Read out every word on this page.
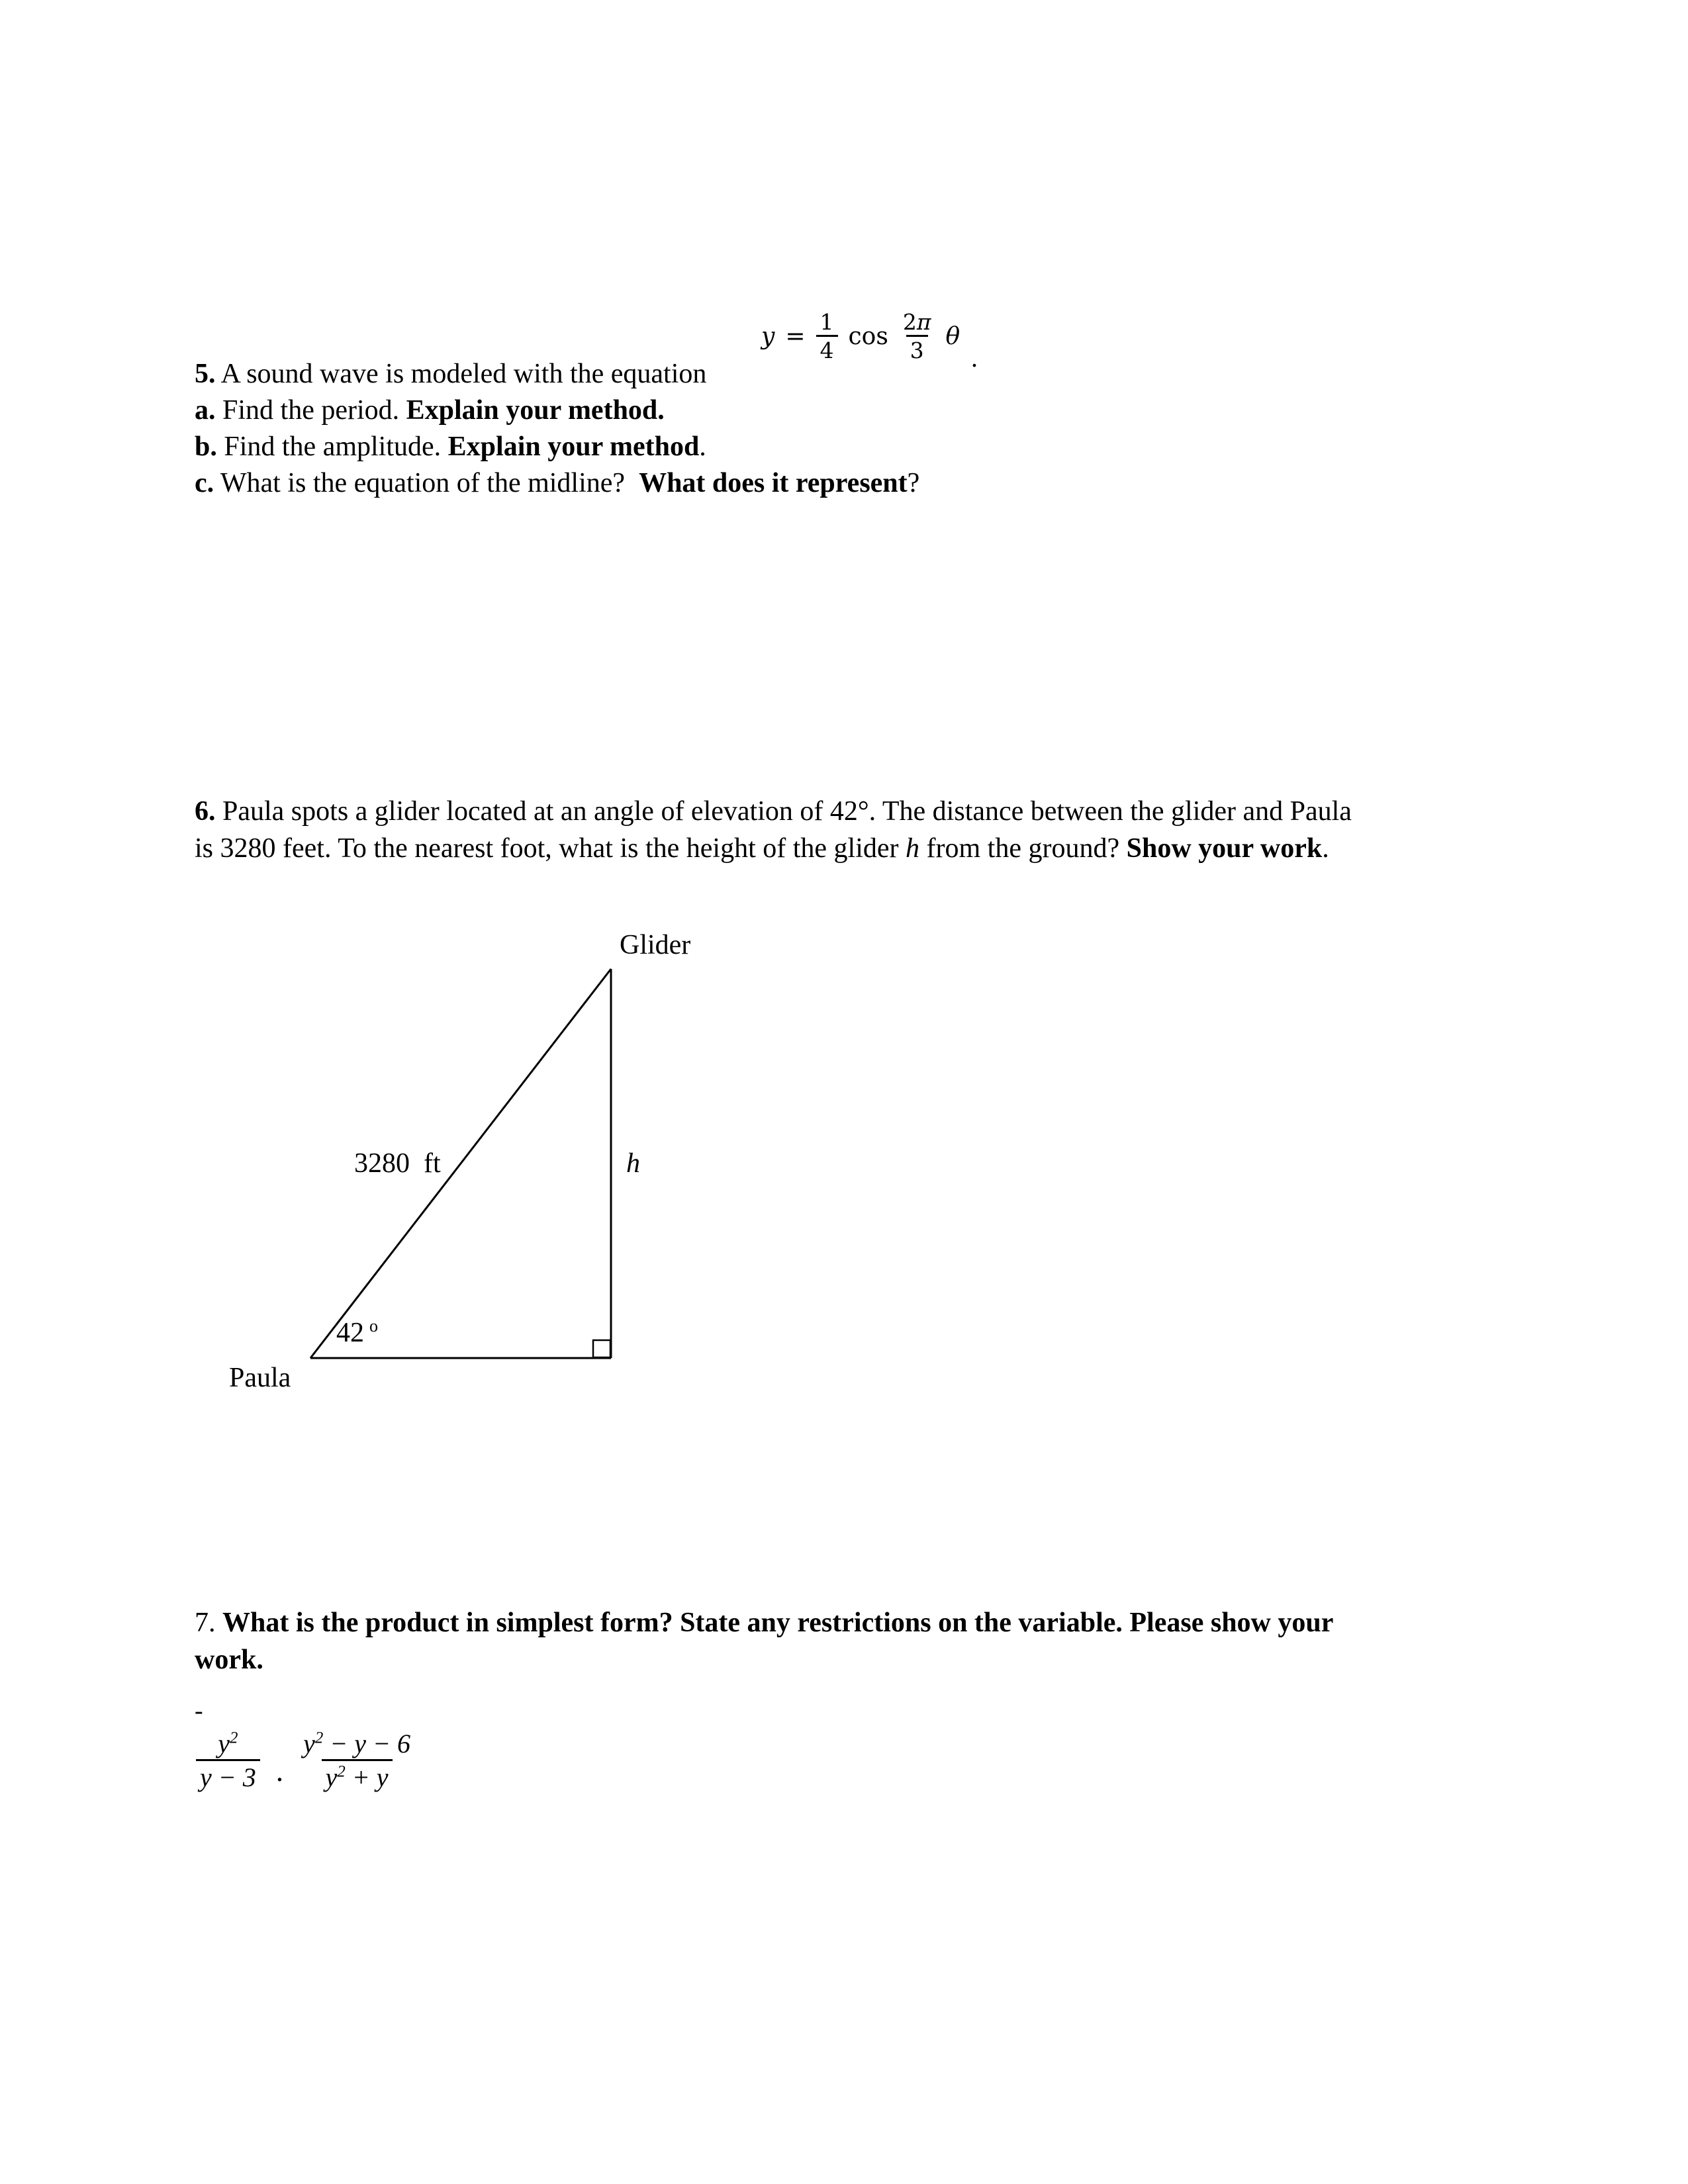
$y = \frac{1}{4}$ $\cos \frac{2\pi}{3}$ θ
.
5. A sound wave is modeled with the equation
a. Find the period. Explain your method.
b. Find the amplitude. Explain your method.
c. What is the equation of the midline?  What does it represent?
6. Paula spots a glider located at an angle of elevation of 42°. The distance between the glider and Paula
is 3280 feet. To the nearest foot, what is the height of the glider h from the ground? Show your work.
Glider
3280  ft	h
42 $^o$
Paula
7. What is the product in simplest form? State any restrictions on the variable. Please show your
work.
-
$\frac{y^2}{y - 3} \cdot \frac{y^2 - y - 6}{y^2 + y}$
